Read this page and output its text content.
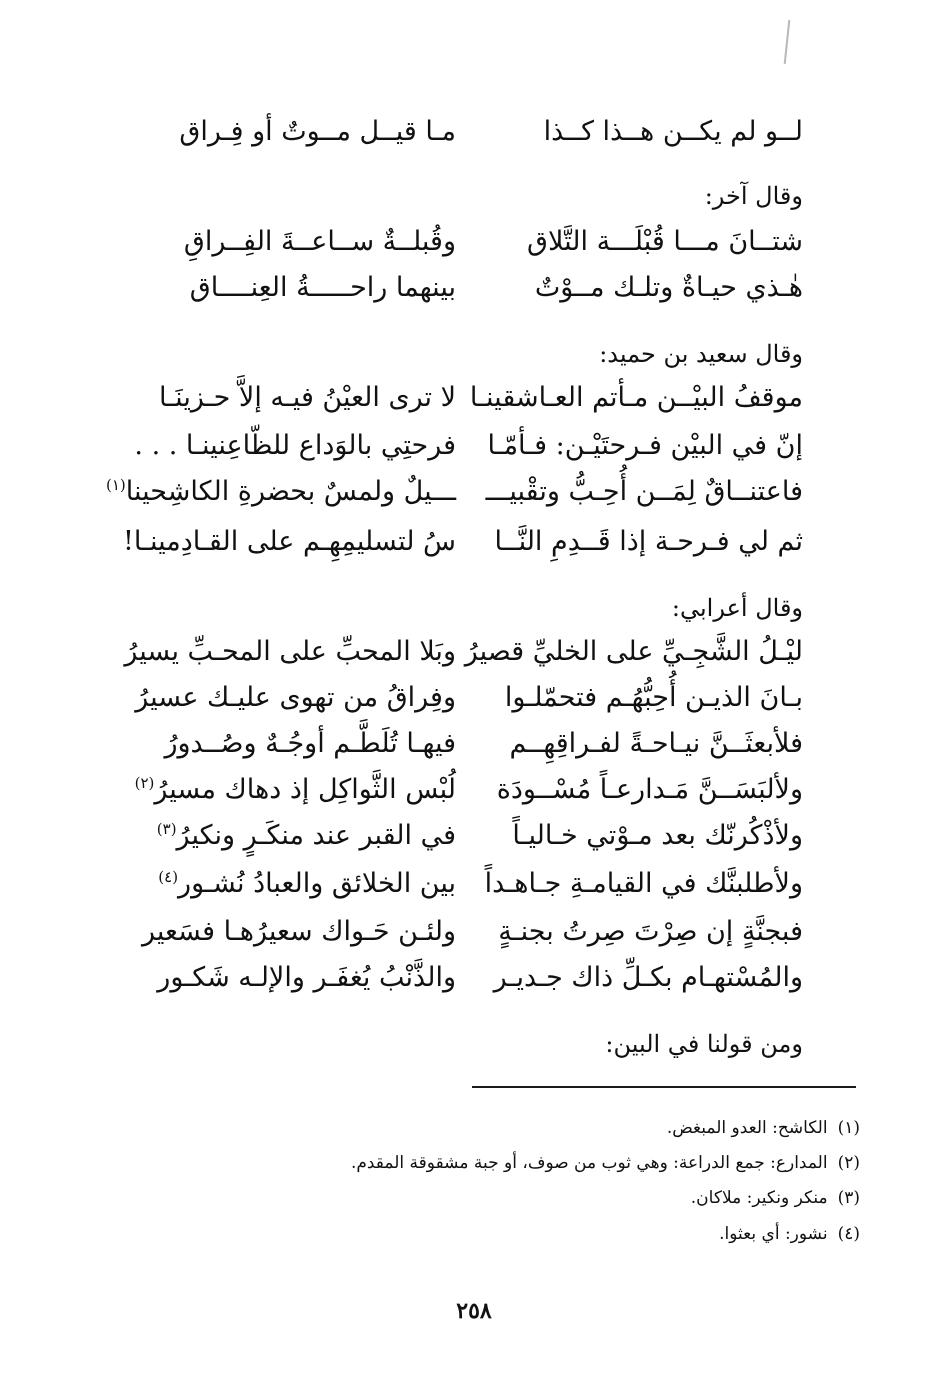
لــو لم يكــن هــذا كــذا
مـا قيــل مــوتٌ أو فِـراق
وقال آخر:
شتــانَ مـــا قُبْلَـــة التَّلاق
وقُبلــةٌ ســاعــةَ الفِــراقِ
هٰـذي حيـاةٌ وتلـك مــوْتٌ
بينهما راحـــــةُ العِنــــاق
وقال سعيد بن حميد:
موقفُ البيْــن مـأتم العـاشقينـا
لا ترى العيْنُ فيـه إلاَّ حـزينَـا
إنّ في البيْن فـرحتَيْـن: فـأمّـا
فرحتِي بالوَداع للظّاعِنينـا . . .
فاعتنــاقٌ لِمَــن أُحِـبُّ وتقْبيـــ
ـــيلٌ ولمسٌ بحضرةِ الكاشِحينا$^{(١)}$
ثم لي فـرحـة إذا قَــدِمِ النَّــا
سُ لتسليمِهِـم على القـادِمينـا!
وقال أعرابي:
ليْـلُ الشَّجِـيِّ على الخليِّ قصيرُ
وبَلا المحبِّ على المحـبِّ يسيرُ
بـانَ الذيـن أُحِبُّهُـم فتحمّلـوا
وفِراقُ من تهوى عليـك عسيرُ
فلأبعثَــنَّ نيـاحـةً لفـراقِهِــم
فيهـا تُلَطَّـم أوجُـهٌ وصُــدورُ
ولألبَسَــنَّ مَـدارعـاً مُسْــودَة
لُبْس الثَّواكِل إذ دهاك مسيرُ$^{(٢)}$
ولأذْكُرنّك بعد مـوْتي خـاليـاً
في القبر عند منكَـرٍ ونكيرُ$^{(٣)}$
ولأطلبنَّك في القيامـةِ جـاهـداً
بين الخلائق والعبادُ نُشـور$^{(٤)}$
فبجنَّةٍ إن صِرْتَ صِرتُ بجنـةٍ
ولئـن حَـواك سعيرُهـا فسَعير
والمُسْتهـام بكـلِّ ذاك جـديـر
والذَّنْبُ يُغفَـر والإلـه شَكـور
ومن قولنا في البين:
(١)الكاشح: العدو المبغض.
(٢)المدارع: جمع الدراعة: وهي ثوب من صوف، أو جبة مشقوقة المقدم.
(٣)منكر ونكير: ملاكان.
(٤)نشور: أي بعثوا.
٢٥٨
